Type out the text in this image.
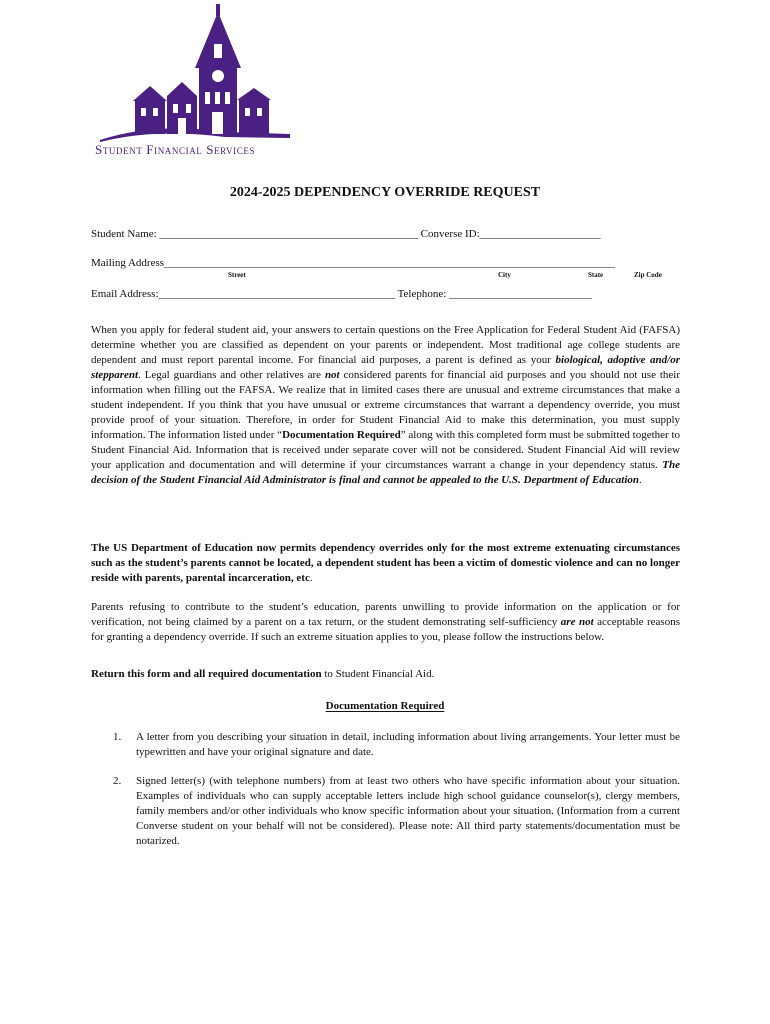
Student Financial Services
2024-2025 DEPENDENCY OVERRIDE REQUEST
Student Name: _______________________________________________ Converse ID:______________________
Mailing Address__________________________________________________________________________________
Street	City	State	Zip Code
Email Address:___________________________________________ Telephone: __________________________
When you apply for federal student aid, your answers to certain questions on the Free Application for Federal Student Aid (FAFSA) determine whether you are classified as dependent on your parents or independent. Most traditional age college students are dependent and must report parental income. For financial aid purposes, a parent is defined as your biological, adoptive and/or stepparent. Legal guardians and other relatives are not considered parents for financial aid purposes and you should not use their information when filling out the FAFSA. We realize that in limited cases there are unusual and extreme circumstances that make a student independent. If you think that you have unusual or extreme circumstances that warrant a dependency override, you must provide proof of your situation. Therefore, in order for Student Financial Aid to make this determination, you must supply information. The information listed under “Documentation Required” along with this completed form must be submitted together to Student Financial Aid. Information that is received under separate cover will not be considered. Student Financial Aid will review your application and documentation and will determine if your circumstances warrant a change in your dependency status. The decision of the Student Financial Aid Administrator is final and cannot be appealed to the U.S. Department of Education.
The US Department of Education now permits dependency overrides only for the most extreme extenuating circumstances such as the student’s parents cannot be located, a dependent student has been a victim of domestic violence and can no longer reside with parents, parental incarceration, etc.
Parents refusing to contribute to the student’s education, parents unwilling to provide information on the application or for verification, not being claimed by a parent on a tax return, or the student demonstrating self-sufficiency are not acceptable reasons for granting a dependency override. If such an extreme situation applies to you, please follow the instructions below.
Return this form and all required documentation to Student Financial Aid.
Documentation Required
1. A letter from you describing your situation in detail, including information about living arrangements. Your letter must be typewritten and have your original signature and date.
2. Signed letter(s) (with telephone numbers) from at least two others who have specific information about your situation. Examples of individuals who can supply acceptable letters include high school guidance counselor(s), clergy members, family members and/or other individuals who know specific information about your situation. (Information from a current Converse student on your behalf will not be considered). Please note: All third party statements/documentation must be notarized.
